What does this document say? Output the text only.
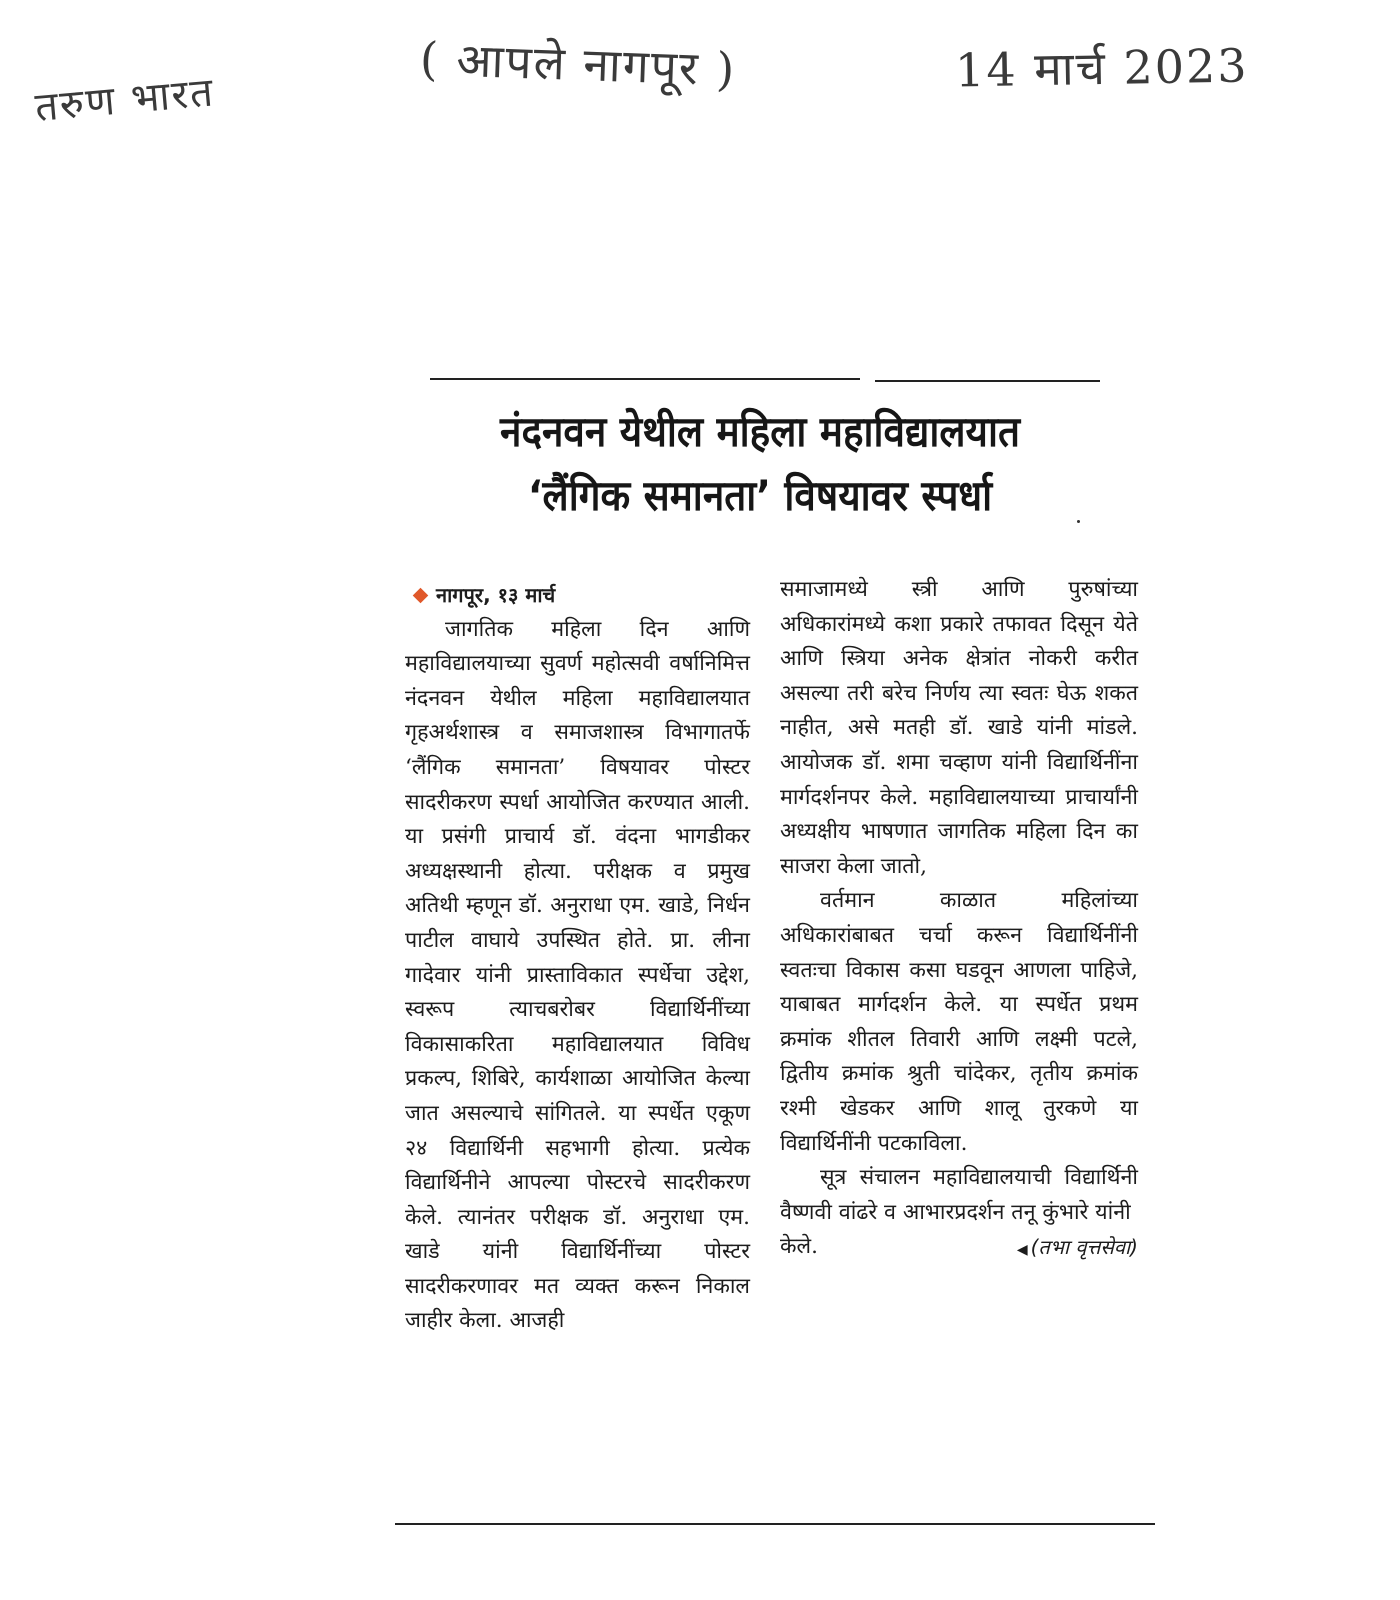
तरुण भारत
( आपले नागपूर )	14 मार्च 2023
नंदनवन येथील महिला महाविद्यालयात
‘लैंगिक समानता’ विषयावर स्पर्धा
नागपूर, १३ मार्च
जागतिक महिला दिन आणि महाविद्यालयाच्या सुवर्ण महोत्सवी वर्षानिमित्त नंदनवन येथील महिला महाविद्यालयात गृहअर्थशास्त्र व समाजशास्त्र विभागातर्फे ‘लैंगिक समानता’ विषयावर पोस्टर सादरीकरण स्पर्धा आयोजित करण्यात आली. या प्रसंगी प्राचार्य डॉ. वंदना भागडीकर अध्यक्षस्थानी होत्या. परीक्षक व प्रमुख अतिथी म्हणून डॉ. अनुराधा एम. खाडे, निर्धन पाटील वाघाये उपस्थित होते. प्रा. लीना गादेवार यांनी प्रास्ताविकात स्पर्धेचा उद्देश, स्वरूप त्याचबरोबर विद्यार्थिनींच्या विकासाकरिता महाविद्यालयात विविध प्रकल्प, शिबिरे, कार्यशाळा आयोजित केल्या जात असल्याचे सांगितले. या स्पर्धेत एकूण २४ विद्यार्थिनी सहभागी होत्या. प्रत्येक विद्यार्थिनीने आपल्या पोस्टरचे सादरीकरण केले. त्यानंतर परीक्षक डॉ. अनुराधा एम. खाडे यांनी विद्यार्थिनींच्या पोस्टर सादरीकरणावर मत व्यक्त करून निकाल जाहीर केला. आजही
समाजामध्ये स्त्री आणि पुरुषांच्या अधिकारांमध्ये कशा प्रकारे तफावत दिसून येते आणि स्त्रिया अनेक क्षेत्रांत नोकरी करीत असल्या तरी बरेच निर्णय त्या स्वतः घेऊ शकत नाहीत, असे मतही डॉ. खाडे यांनी मांडले. आयोजक डॉ. शमा चव्हाण यांनी विद्यार्थिनींना मार्गदर्शनपर केले. महाविद्यालयाच्या प्राचार्यांनी अध्यक्षीय भाषणात जागतिक महिला दिन का साजरा केला जातो,
वर्तमान काळात महिलांच्या अधिकारांबाबत चर्चा करून विद्यार्थिनींनी स्वतःचा विकास कसा घडवून आणला पाहिजे, याबाबत मार्गदर्शन केले. या स्पर्धेत प्रथम क्रमांक शीतल तिवारी आणि लक्ष्मी पटले, द्वितीय क्रमांक श्रुती चांदेकर, तृतीय क्रमांक रश्मी खेडकर आणि शालू तुरकणे या विद्यार्थिनींनी पटकाविला.
सूत्र संचालन महाविद्यालयाची विद्यार्थिनी वैष्णवी वांढरे व आभारप्रदर्शन तनू कुंभारे यांनी
केले.	◀ (तभा वृत्तसेवा)
